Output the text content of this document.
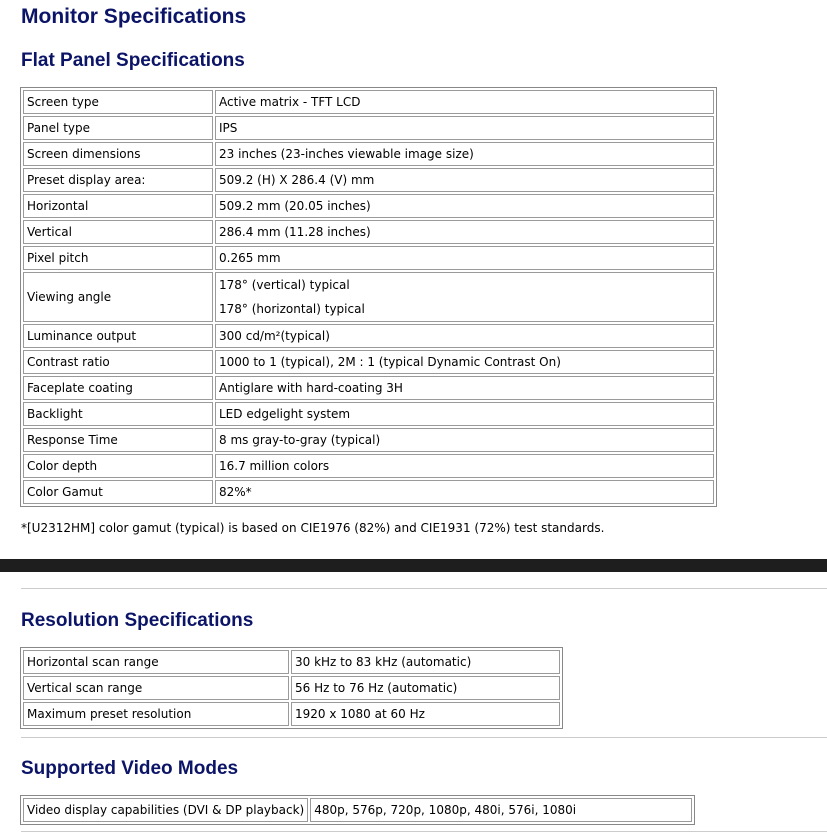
Monitor Specifications
Flat Panel Specifications
Screen type	Active matrix - TFT LCD
Panel type	IPS
Screen dimensions	23 inches (23-inches viewable image size)
Preset display area:	509.2 (H) X 286.4 (V) mm
Horizontal	509.2 mm (20.05 inches)
Vertical	286.4 mm (11.28 inches)
Pixel pitch	0.265 mm
Viewing angle	178° (vertical) typical
178° (horizontal) typical

Luminance output	300 cd/m²(typical)
Contrast ratio	1000 to 1 (typical), 2M : 1 (typical Dynamic Contrast On)
Faceplate coating	Antiglare with hard-coating 3H
Backlight	LED edgelight system
Response Time	8 ms gray-to-gray (typical)
Color depth	16.7 million colors
Color Gamut	82%*
*[U2312HM] color gamut (typical) is based on CIE1976 (82%) and CIE1931 (72%) test standards.
Resolution Specifications
Horizontal scan range	30 kHz to 83 kHz (automatic)
Vertical scan range	56 Hz to 76 Hz (automatic)
Maximum preset resolution	1920 x 1080 at 60 Hz
Supported Video Modes
Video display capabilities (DVI & DP playback)	480p, 576p, 720p, 1080p, 480i, 576i, 1080i
